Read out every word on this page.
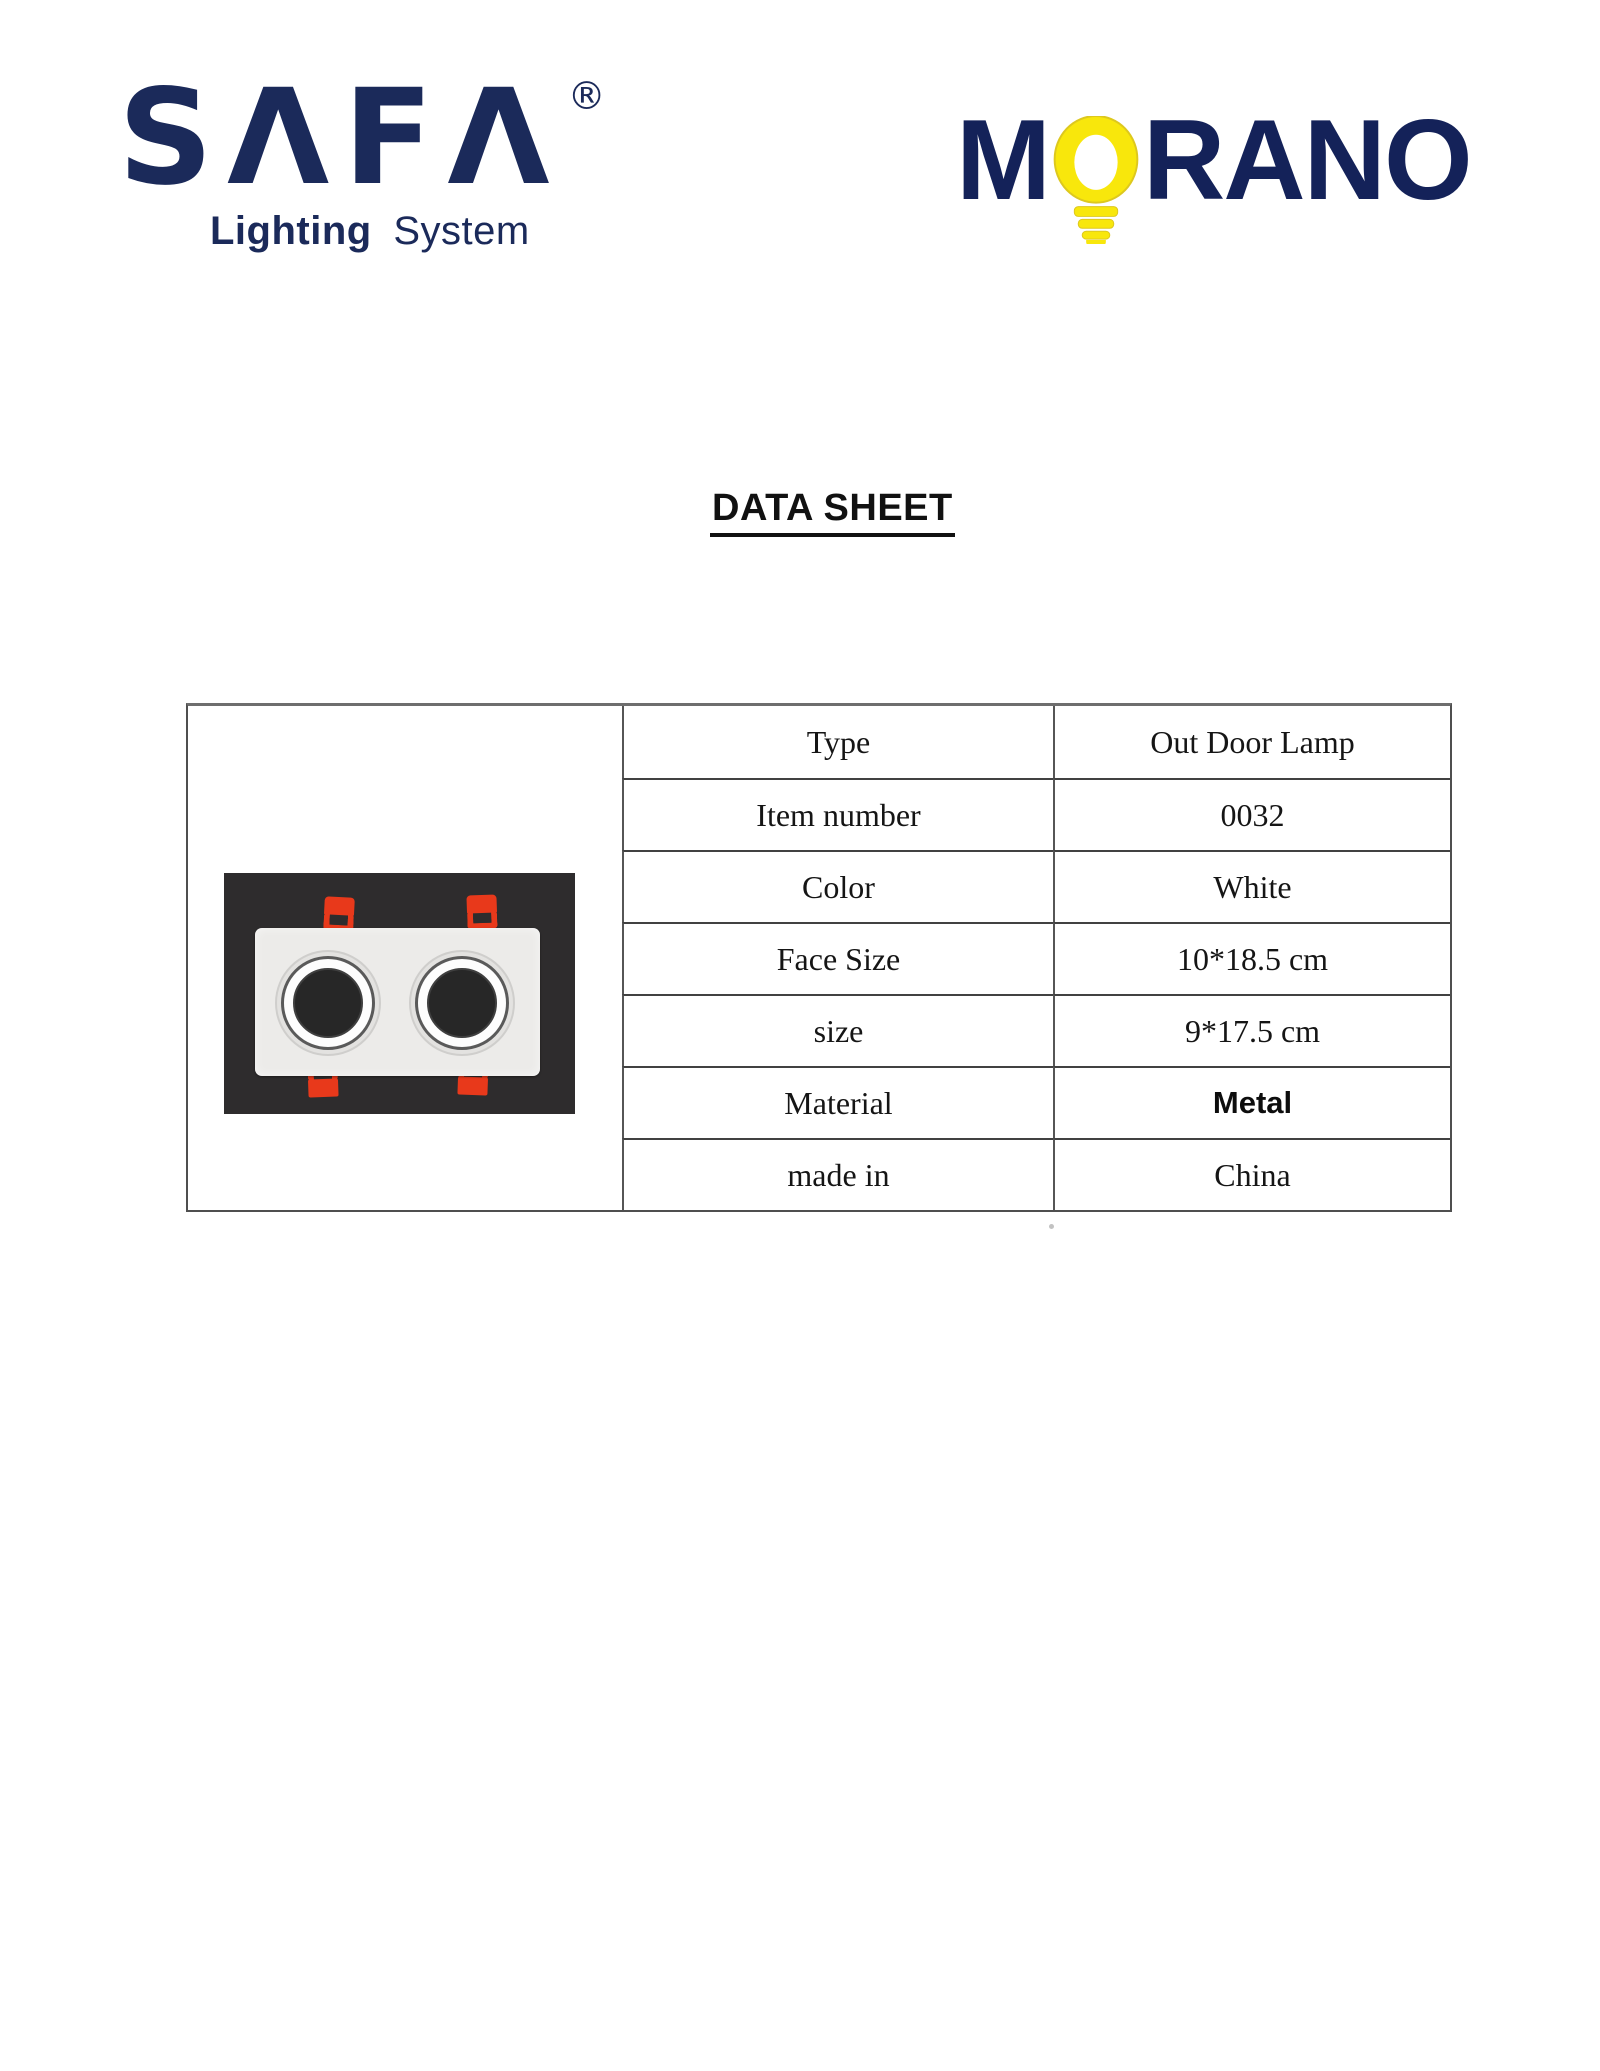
SΛFΛ ®
Lighting System
M RANO
DATA SHEET
Type	Out Door Lamp
Item number	0032
Color	White
Face Size	10*18.5 cm
size	9*17.5 cm
Material	Metal
made in	China
